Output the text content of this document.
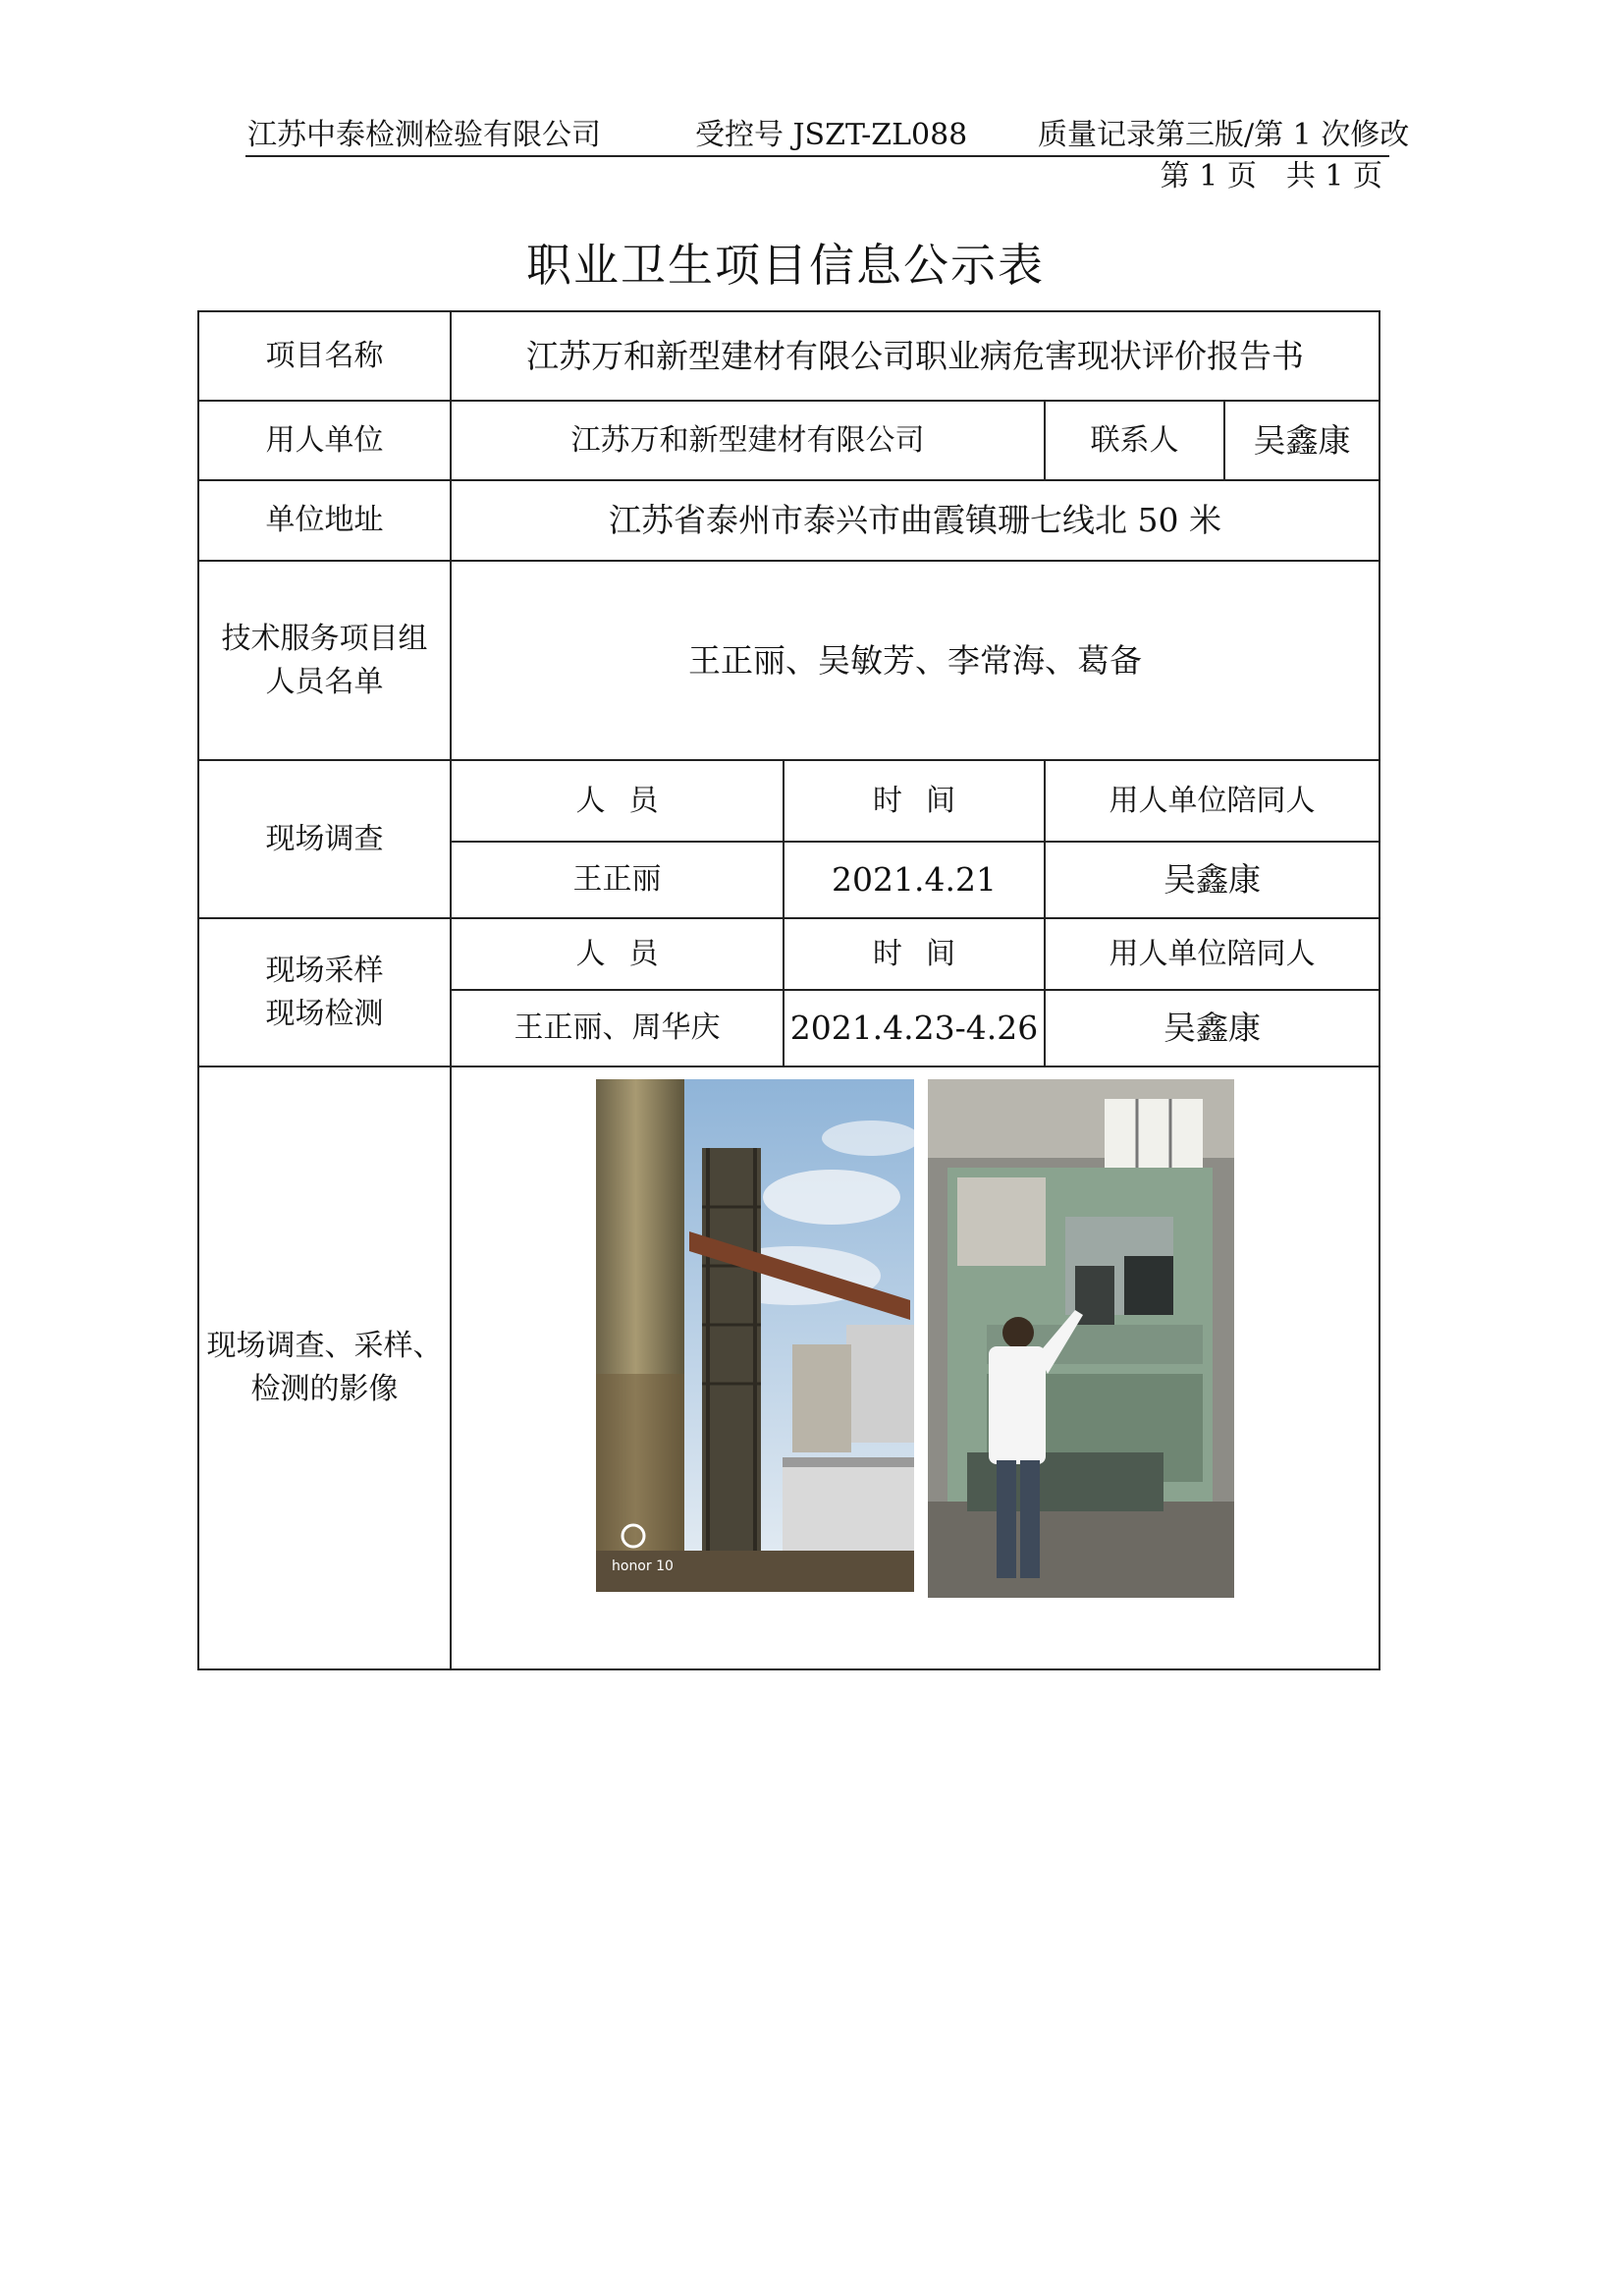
江苏中泰检测检验有限公司	受控号 JSZT-ZL088 质量记录第三版/第 1 次修改
第 1 页 共 1 页
职业卫生项目信息公示表
项目名称	江苏万和新型建材有限公司职业病危害现状评价报告书			
用人单位	江苏万和新型建材有限公司		联系人	吴鑫康
单位地址	江苏省泰州市泰兴市曲霞镇珊七线北 50 米			

技术服务项目组
人员名单	王正丽、吴敏芳、李常海、葛备			
现场调查	人员	时间	用人单位陪同人	
	王正丽	2021.4.21	吴鑫康	

现场采样
现场检测	人员	时间	用人单位陪同人	
	王正丽、周华庆	2021.4.23-4.26	吴鑫康	

现场调查、采样、
检测的影像	honor 10			
